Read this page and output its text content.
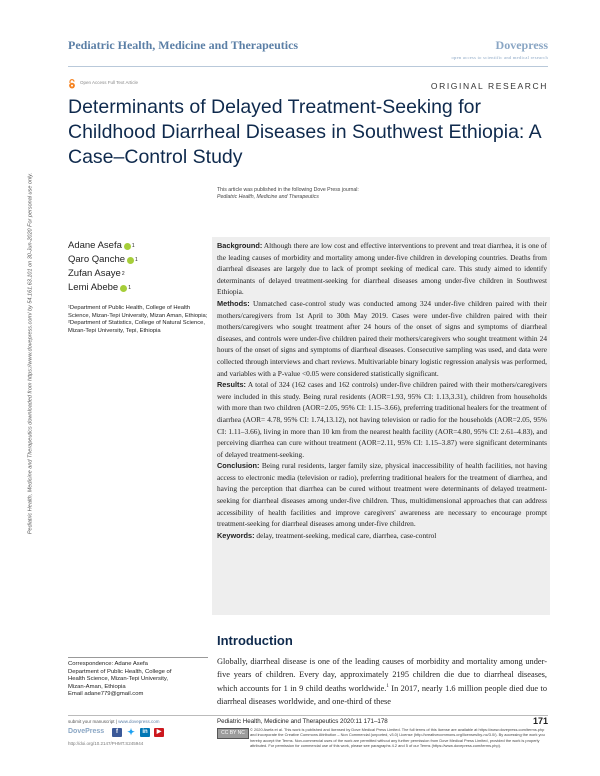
Pediatric Health, Medicine and Therapeutics	Dovepress
open access to scientific and medical research
Open Access Full Text Article	ORIGINAL RESEARCH
Determinants of Delayed Treatment-Seeking for Childhood Diarrheal Diseases in Southwest Ethiopia: A Case–Control Study
This article was published in the following Dove Press journal:
Pediatric Health, Medicine and Therapeutics
Pediatric Health, Medicine and Therapeutics downloaded from https://www.dovepress.com/ by 54.161.63.101 on 30-Jun-2020 For personal use only.	Adane Asefa 1
Qaro Qanche 1
Zufan Asaye 2
Lemi Abebe 1
¹Department of Public Health, College of Health Science, Mizan-Tepi University, Mizan Aman, Ethiopia; ²Department of Statistics, College of Natural Science, Mizan-Tepi University, Tepi, Ethiopia

Background: Although there are low cost and effective interventions to prevent and treat diarrhea, it is one of the leading causes of morbidity and mortality among under-five children in developing countries. Deaths from diarrheal diseases are largely due to lack of prompt seeking of medical care. This study aimed to identify determinants of delayed treatment-seeking for diarrheal diseases among under-five children in Southwest Ethiopia.

Methods: Unmatched case-control study was conducted among 324 under-five children paired with their mothers/caregivers from 1st April to 30th May 2019. Cases were under-five children paired with their mothers/caregivers who sought treatment after 24 hours of the onset of signs and symptoms of diarrheal diseases, and controls were under-five children paired their mothers/caregivers who sought treatment within 24 hours of the onset of signs and symptoms of diarrheal diseases. Consecutive sampling was used, and data were collected through interviews and chart reviews. Multivariable binary logistic regression analysis was performed, and variables with a P-value <0.05 were considered statistically significant.

Results: A total of 324 (162 cases and 162 controls) under-five children paired with their mothers/caregivers were included in this study. Being rural residents (AOR=1.93, 95% CI: 1.13,3.31), children from households with more than two children (AOR=2.05, 95% CI: 1.15–3.66), preferring traditional healers for the treatment of diarrhea (AOR= 4.78, 95% CI: 1.74,13.12), not having television or radio for the households (AOR=2.05, 95% CI: 1.11–3.66), living in more than 10 km from the nearest health facility (AOR=4.80, 95% CI: 2.61–4.83), and perceiving diarrhea can cure without treatment (AOR=2.11, 95% CI: 1.15–3.87) were significant determinants of delayed treatment-seeking.

Conclusion: Being rural residents, larger family size, physical inaccessibility of health facilities, not having access to electronic media (television or radio), preferring traditional healers for the treatment of diarrhea, and having the perception that diarrhea can be cured without treatment were determinants of delayed treatment-seeking for diarrheal diseases among under-five children. Thus, multidimensional approaches that can address accessibility of health facilities and improve caregivers' awareness are necessary to encourage prompt treatment-seeking for diarrheal diseases among under-five children.

Keywords: delay, treatment-seeking, medical care, diarrhea, case-control

Introduction
Globally, diarrheal disease is one of the leading causes of morbidity and mortality among under-five years of children. Every day, approximately 2195 children die due to diarrheal diseases, which accounts for 1 in 9 child deaths worldwide.$^1$ In 2017, nearly 1.6 million people died due to diarrheal diseases worldwide, and one-third of these
Correspondence: Adane Asefa
Department of Public Health, College of
Health Science, Mizan-Tepi University,
Mizan-Aman, Ethiopia
Email adane779@gmail.com
submit your manuscript | www.dovepress.com
DovePress	f	✦	in	▶
http://doi.org/10.2147/PHMT.S245944
Pediatric Health, Medicine and Therapeutics 2020:11 171–178	171
CC BY NC
© 2020 Asefa et al. This work is published and licensed by Dove Medical Press Limited. The full terms of this license are available at https://www.dovepress.com/terms.php and incorporate the Creative Commons Attribution – Non Commercial (unported, v3.0) License (http://creativecommons.org/licenses/by-nc/3.0/). By accessing the work you hereby accept the Terms. Non-commercial uses of the work are permitted without any further permission from Dove Medical Press Limited, provided the work is properly attributed. For permission for commercial use of this work, please see paragraphs 4.2 and 5 of our Terms (https://www.dovepress.com/terms.php).
